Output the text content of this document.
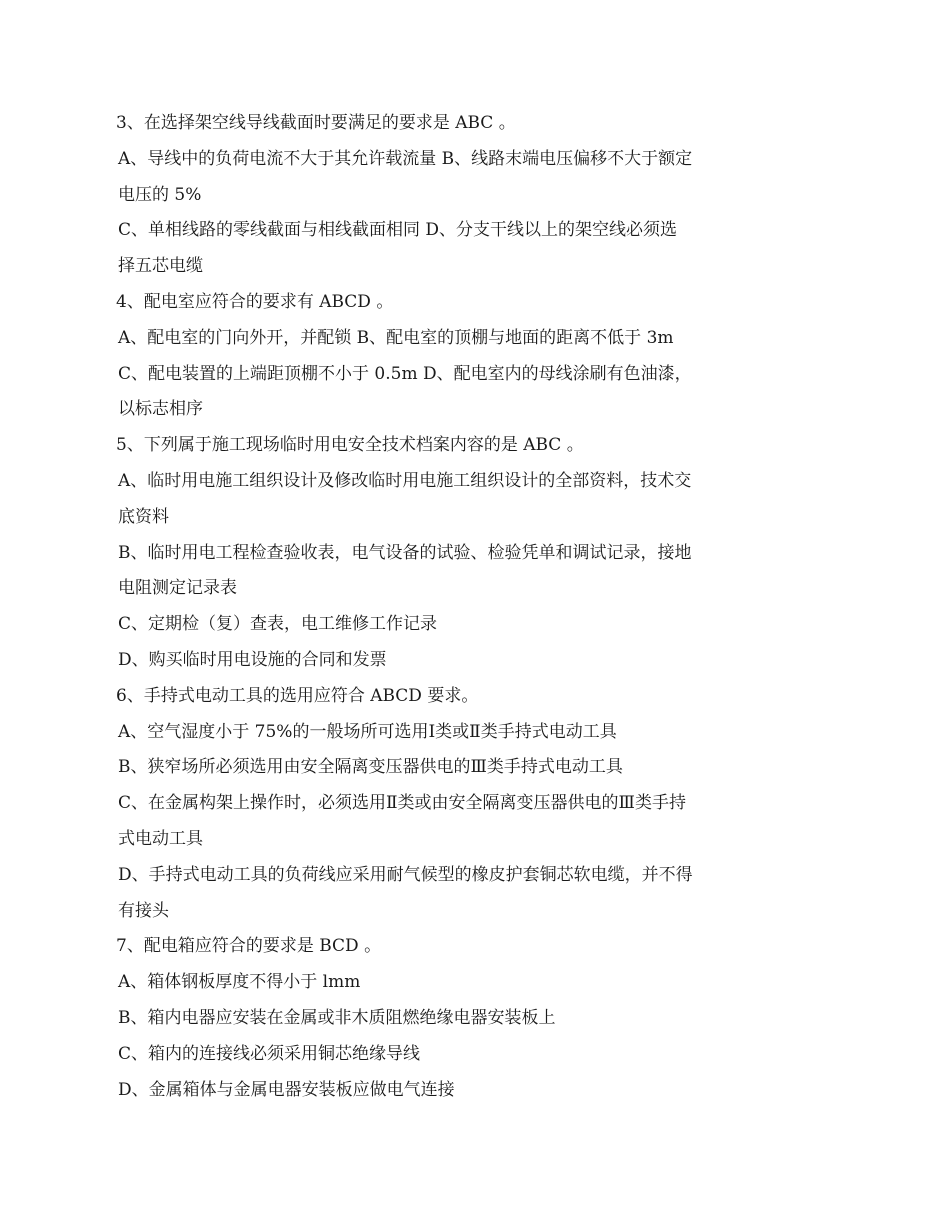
3、在选择架空线导线截面时要满足的要求是 ABC 。
A、导线中的负荷电流不大于其允许载流量 B、线路末端电压偏移不大于额定
电压的 5%
C、单相线路的零线截面与相线截面相同 D、分支干线以上的架空线必须选
择五芯电缆
4、配电室应符合的要求有 ABCD 。
A、配电室的门向外开，并配锁 B、配电室的顶棚与地面的距离不低于 3m
C、配电装置的上端距顶棚不小于 0.5m D、配电室内的母线涂刷有色油漆，
以标志相序
5、下列属于施工现场临时用电安全技术档案内容的是 ABC 。
A、临时用电施工组织设计及修改临时用电施工组织设计的全部资料，技术交
底资料
B、临时用电工程检查验收表，电气设备的试验、检验凭单和调试记录，接地
电阻测定记录表
C、定期检（复）查表，电工维修工作记录
D、购买临时用电设施的合同和发票
6、手持式电动工具的选用应符合 ABCD 要求。
A、空气湿度小于 75%的一般场所可选用Ⅰ类或Ⅱ类手持式电动工具
B、狭窄场所必须选用由安全隔离变压器供电的Ⅲ类手持式电动工具
C、在金属构架上操作时，必须选用Ⅱ类或由安全隔离变压器供电的Ⅲ类手持
式电动工具
D、手持式电动工具的负荷线应采用耐气候型的橡皮护套铜芯软电缆，并不得
有接头
7、配电箱应符合的要求是 BCD 。
A、箱体钢板厚度不得小于 lmm
B、箱内电器应安装在金属或非木质阻燃绝缘电器安装板上
C、箱内的连接线必须采用铜芯绝缘导线
D、金属箱体与金属电器安装板应做电气连接
